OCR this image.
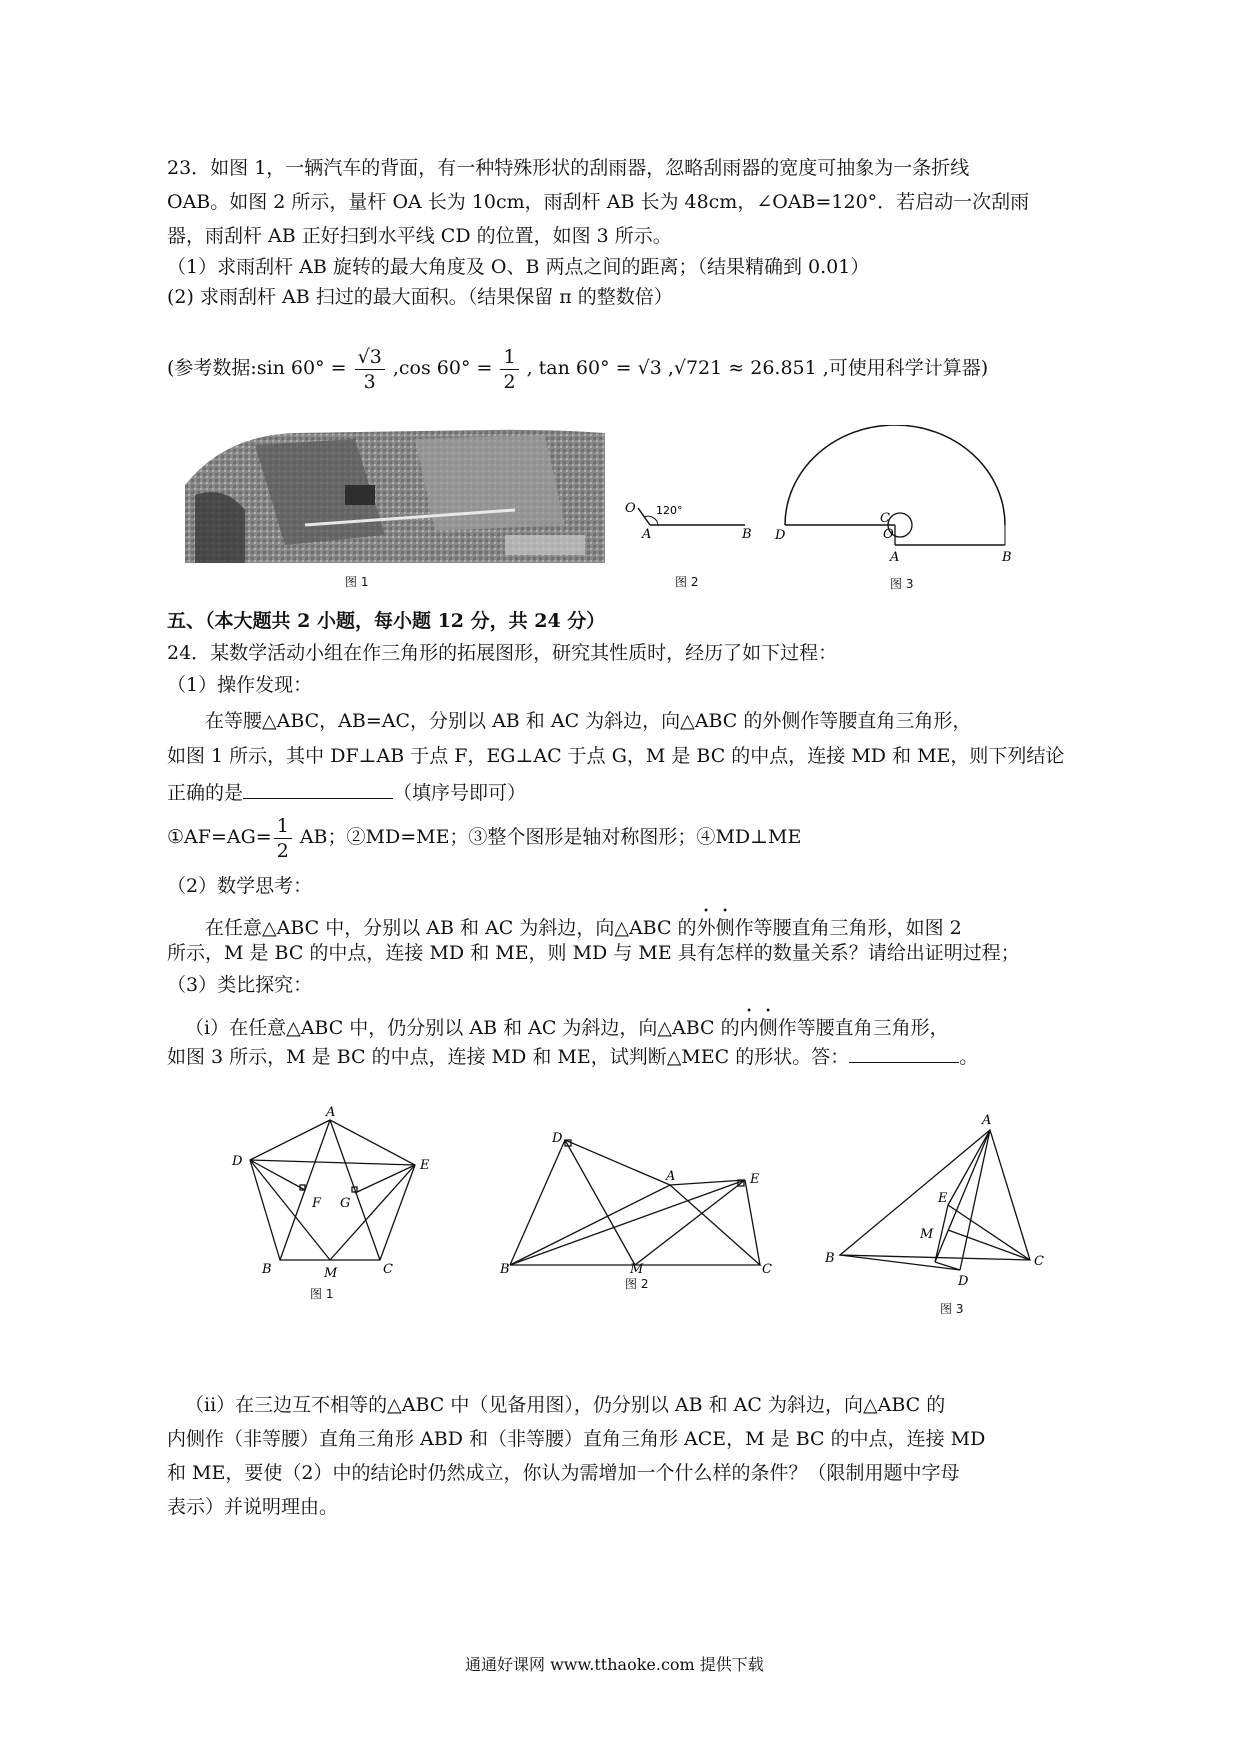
23．如图 1，一辆汽车的背面，有一种特殊形状的刮雨器，忽略刮雨器的宽度可抽象为一条折线
OAB。如图 2 所示，量杆 OA 长为 10cm，雨刮杆 AB 长为 48cm，∠OAB=120°．若启动一次刮雨
器，雨刮杆 AB 正好扫到水平线 CD 的位置，如图 3 所示。
（1）求雨刮杆 AB 旋转的最大角度及 O、B 两点之间的距离；（结果精确到 0.01）
(2) 求雨刮杆 AB 扫过的最大面积。（结果保留 π 的整数倍）
(参考数据:sin $60^\circ = \frac{√3}{3} ,\cos$ $60^\circ = \frac{1}{2}$ , tan 60° = √3 ,√721 ≈ 26.851 ,可使用科学计算器)
图 1
120°
O
A	B
图 2
D
C
O
A	B
图 3
五、（本大题共 2 小题，每小题 12 分，共 24 分）
24．某数学活动小组在作三角形的拓展图形，研究其性质时，经历了如下过程：
（1）操作发现：
在等腰△ABC，AB=AC，分别以 AB 和 AC 为斜边，向△ABC 的外侧作等腰直角三角形，
如图 1 所示，其中 DF⊥AB 于点 F，EG⊥AC 于点 G，M 是 BC 的中点，连接 MD 和 ME，则下列结论
正确的是	（填序号即可）
①AF=AG= $\frac{1}{2}$ AB；②MD=ME；③整个图形是轴对称图形；④MD⊥ME
（2）数学思考：
在任意△ABC 中，分别以 AB 和 AC 为斜边，向△ABC 的外侧作等腰直角三角形，如图 2
所示，M 是 BC 的中点，连接 MD 和 ME，则 MD 与 ME 具有怎样的数量关系？请给出证明过程；
（3）类比探究：
（i）在任意△ABC 中，仍分别以 AB 和 AC 为斜边，向△ABC 的内侧作等腰直角三角形，
如图 3 所示，M 是 BC 的中点，连接 MD 和 ME，试判断△MEC 的形状。答：	。
A
D	E
F G
B	M	C
图 1
D
A	E
B	M	C
图 2
A
E
M
B	C
D
图 3
（ii）在三边互不相等的△ABC 中（见备用图），仍分别以 AB 和 AC 为斜边，向△ABC 的
内侧作（非等腰）直角三角形 ABD 和（非等腰）直角三角形 ACE，M 是 BC 的中点，连接 MD
和 ME，要使（2）中的结论时仍然成立，你认为需增加一个什么样的条件？（限制用题中字母
表示）并说明理由。
通通好课网 www.tthaoke.com 提供下载
